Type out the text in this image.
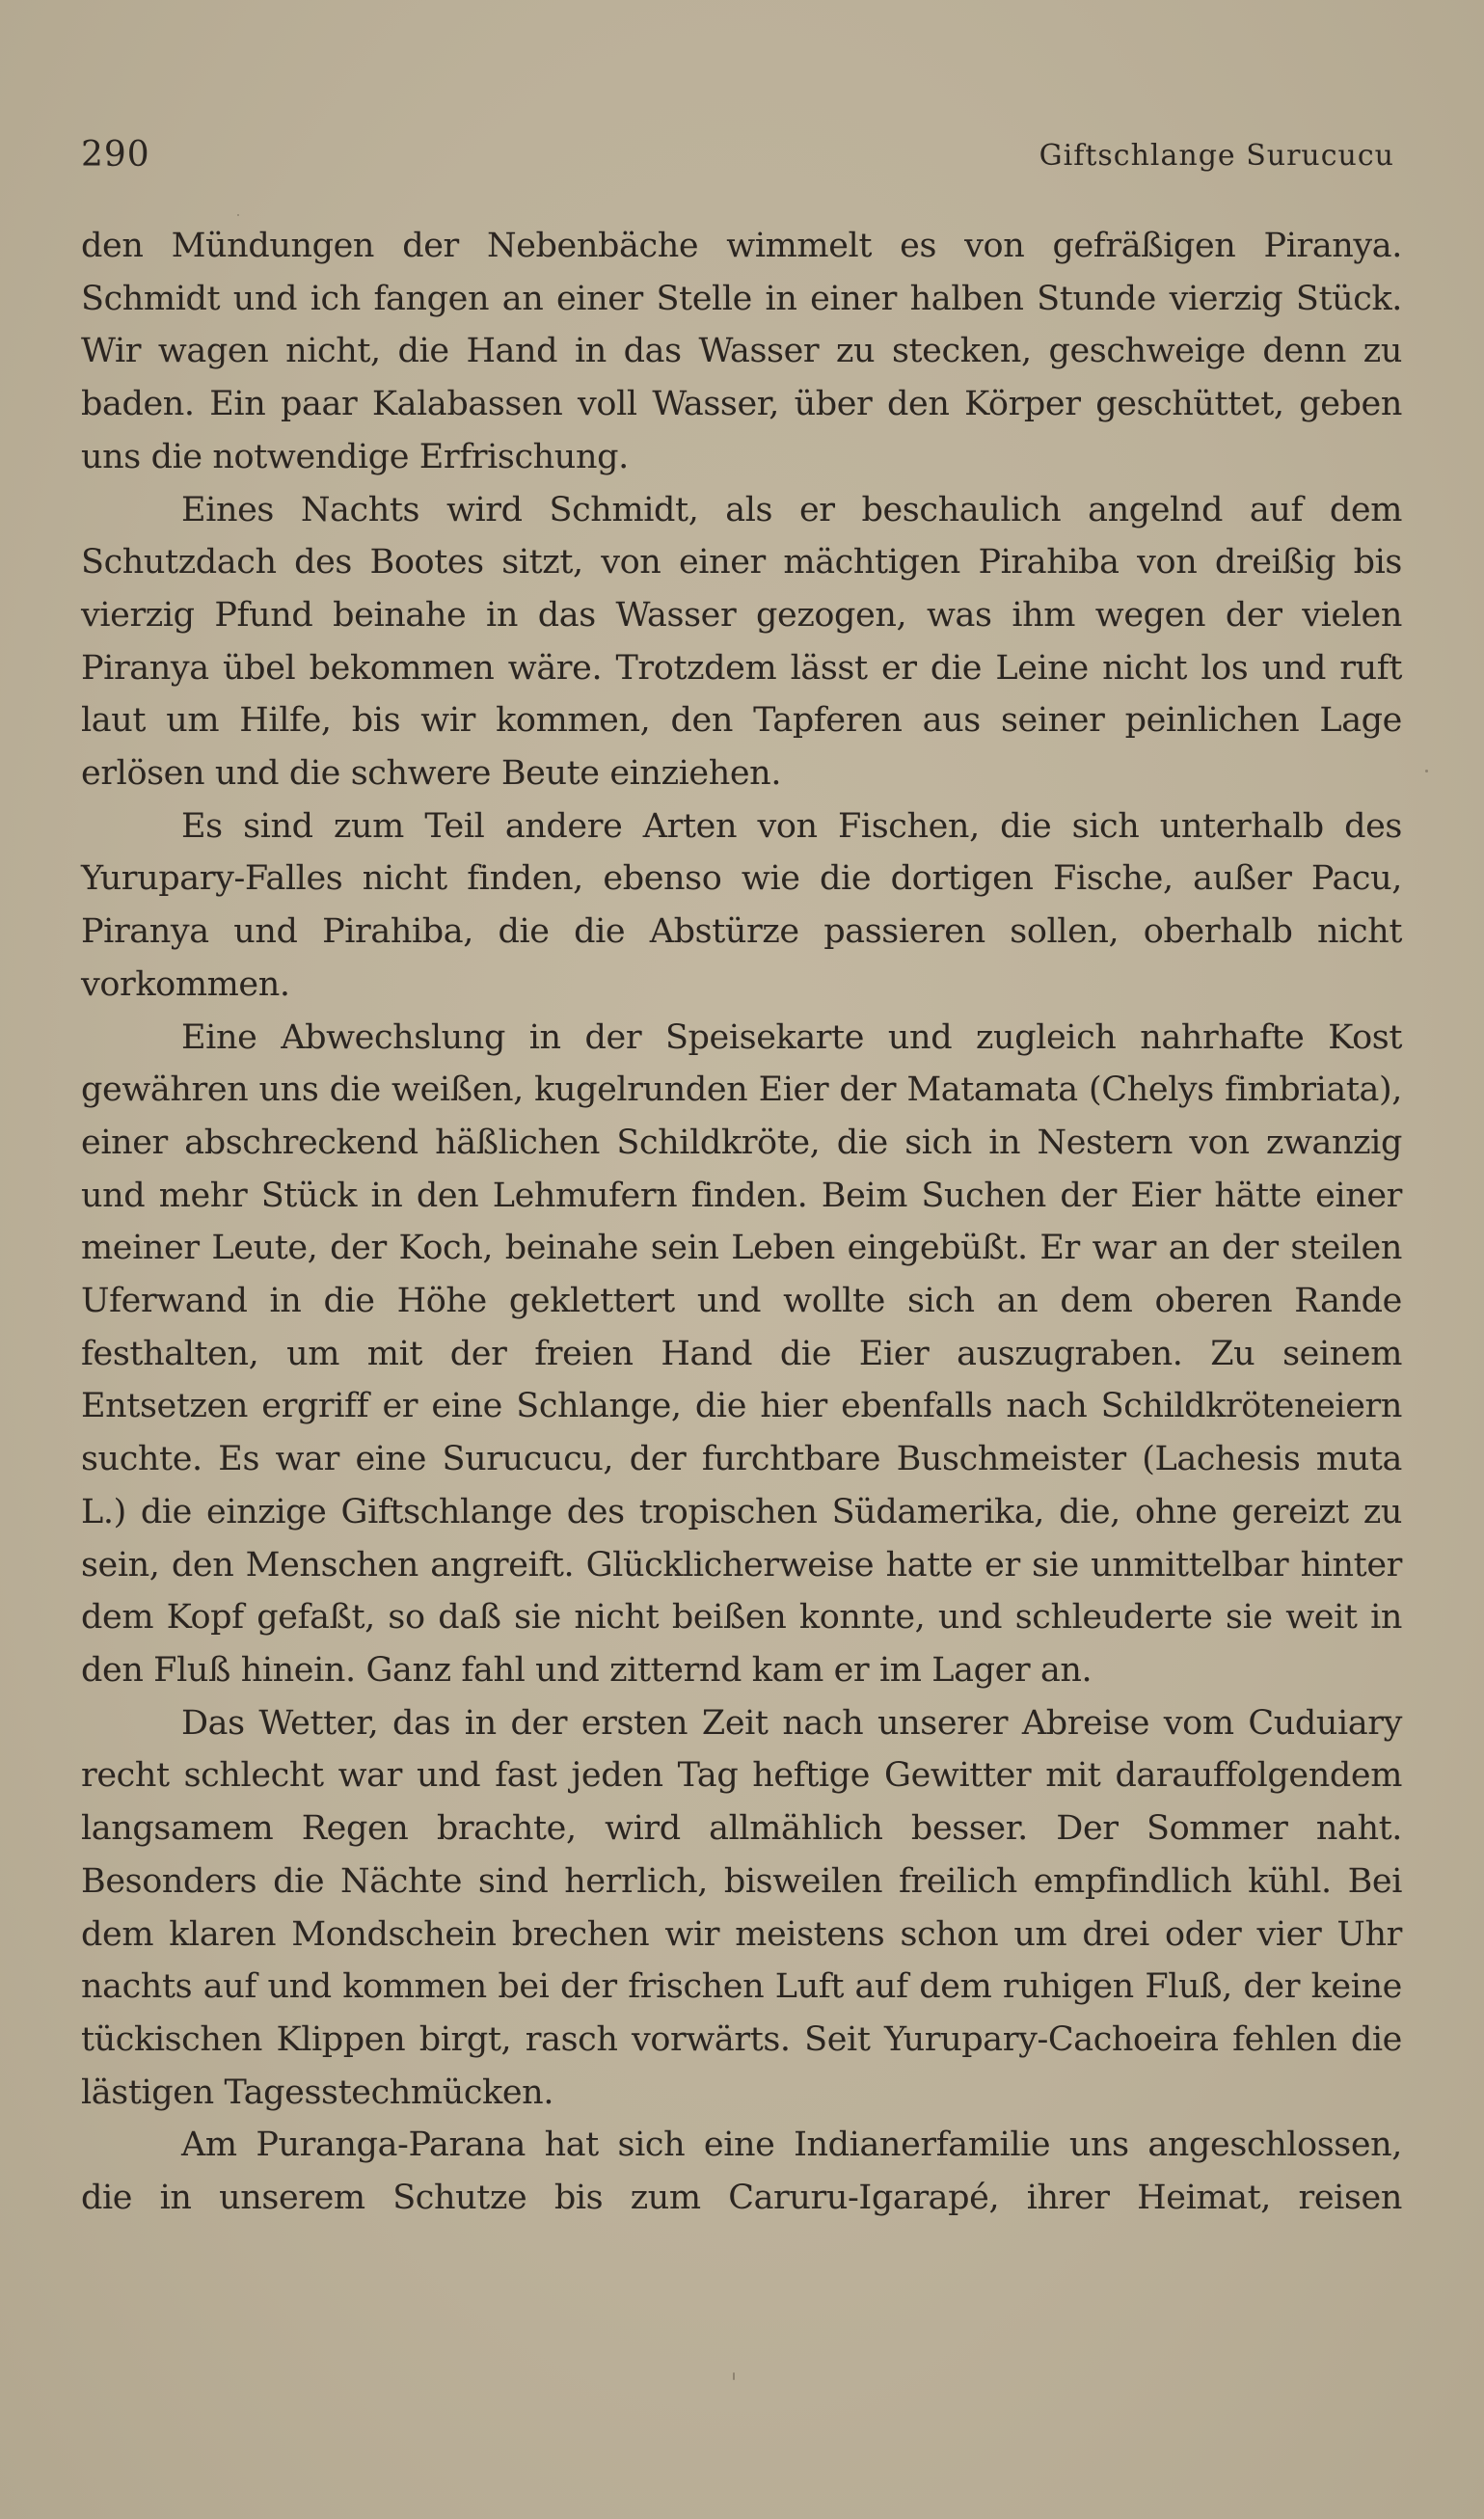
290	Giftschlange Surucucu

den Mündungen der Nebenbäche wimmelt es von gefräßigen Piranya. Schmidt und ich fangen an einer Stelle in einer halben Stunde vierzig Stück. Wir wagen nicht, die Hand in das Wasser zu stecken, geschweige denn zu baden. Ein paar Kalabassen voll Wasser, über den Körper geschüttet, geben uns die notwendige Erfrischung.

Eines Nachts wird Schmidt, als er beschaulich angelnd auf dem Schutzdach des Bootes sitzt, von einer mächtigen Pirahiba von dreißig bis vierzig Pfund beinahe in das Wasser gezogen, was ihm wegen der vielen Piranya übel bekommen wäre. Trotzdem lässt er die Leine nicht los und ruft laut um Hilfe, bis wir kommen, den Tapferen aus seiner peinlichen Lage erlösen und die schwere Beute einziehen.

Es sind zum Teil andere Arten von Fischen, die sich unterhalb des Yurupary-Falles nicht finden, ebenso wie die dortigen Fische, außer Pacu, Piranya und Pirahiba, die die Abstürze passieren sollen, oberhalb nicht vorkommen.

Eine Abwechslung in der Speisekarte und zugleich nahrhafte Kost gewähren uns die weißen, kugelrunden Eier der Matamata (Chelys fimbriata), einer abschreckend häßlichen Schildkröte, die sich in Nestern von zwanzig und mehr Stück in den Lehmufern finden. Beim Suchen der Eier hätte einer meiner Leute, der Koch, beinahe sein Leben eingebüßt. Er war an der steilen Uferwand in die Höhe geklettert und wollte sich an dem oberen Rande festhalten, um mit der freien Hand die Eier auszugraben. Zu seinem Entsetzen ergriff er eine Schlange, die hier ebenfalls nach Schildkröteneiern suchte. Es war eine Surucucu, der furchtbare Buschmeister (Lachesis muta L.) die einzige Giftschlange des tropischen Südamerika, die, ohne gereizt zu sein, den Menschen angreift. Glücklicherweise hatte er sie unmittelbar hinter dem Kopf gefaßt, so daß sie nicht beißen konnte, und schleuderte sie weit in den Fluß hinein. Ganz fahl und zitternd kam er im Lager an.

Das Wetter, das in der ersten Zeit nach unserer Abreise vom Cuduiary recht schlecht war und fast jeden Tag heftige Gewitter mit darauffolgendem langsamem Regen brachte, wird allmählich besser. Der Sommer naht. Besonders die Nächte sind herrlich, bisweilen freilich empfindlich kühl. Bei dem klaren Mondschein brechen wir meistens schon um drei oder vier Uhr nachts auf und kommen bei der frischen Luft auf dem ruhigen Fluß, der keine tückischen Klippen birgt, rasch vorwärts. Seit Yurupary-Cachoeira fehlen die lästigen Tagesstechmücken.

Am Puranga-Parana hat sich eine Indianerfamilie uns angeschlossen, die in unserem Schutze bis zum Caruru-Igarapé, ihrer Heimat, reisen
